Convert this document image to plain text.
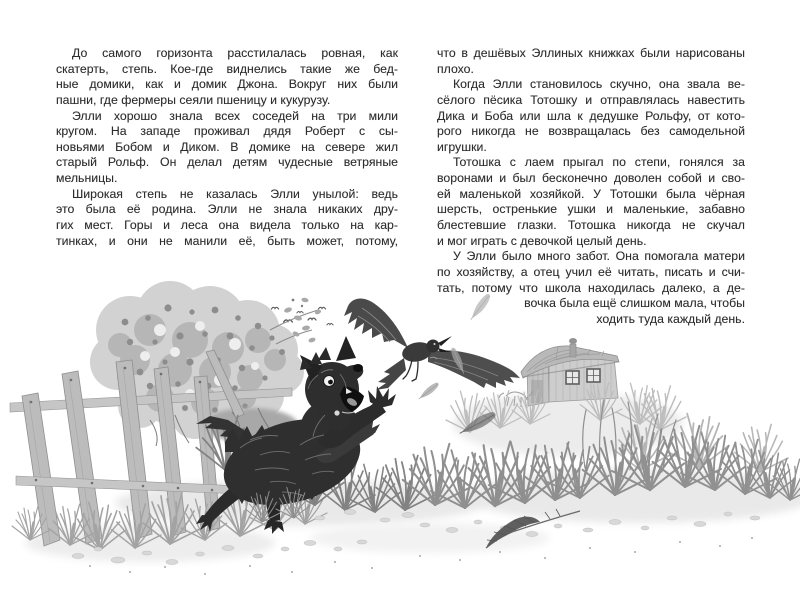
До самого горизонта расстилалась ровная, как
скатерть, степь. Кое-где виднелись такие же бед-
ные домики, как и домик Джона. Вокруг них были
пашни, где фермеры сеяли пшеницу и кукурузу.
Элли хорошо знала всех соседей на три мили
кругом. На западе проживал дядя Роберт с сы-
новьями Бобом и Диком. В домике на севере жил
старый Рольф. Он делал детям чудесные ветряные
мельницы.
Широкая степь не казалась Элли унылой: ведь
это была её родина. Элли не знала никаких дру-
гих мест. Горы и леса она видела только на кар-
тинках, и они не манили её, быть может, потому,
что в дешёвых Эллиных книжках были нарисованы
плохо.
Когда Элли становилось скучно, она звала ве-
сёлого пёсика Тотошку и отправлялась навестить
Дика и Боба или шла к дедушке Рольфу, от кото-
рого никогда не возвращалась без самодельной
игрушки.
Тотошка с лаем прыгал по степи, гонялся за
воронами и был бесконечно доволен собой и сво-
ей маленькой хозяйкой. У Тотошки была чёрная
шерсть, остренькие ушки и маленькие, забавно
блестевшие глазки. Тотошка никогда не скучал
и мог играть с девочкой целый день.
У Элли было много забот. Она помогала матери
по хозяйству, а отец учил её читать, писать и счи-
тать, потому что школа находилась далеко, а де-
вочка была ещё слишком мала, чтобы
ходить туда каждый день.
